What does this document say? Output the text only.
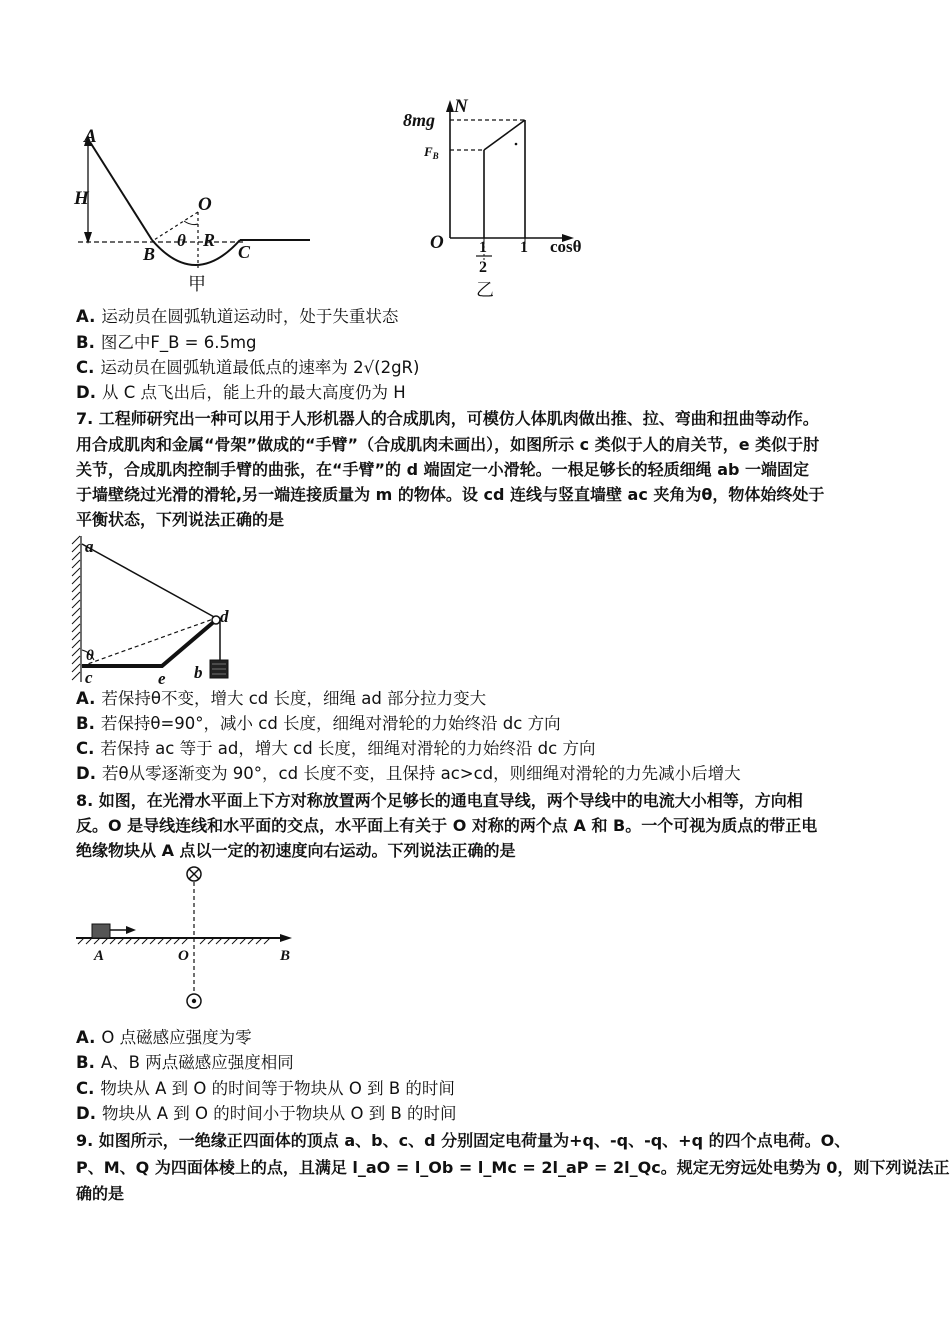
A
H	O
θ R
B	C
甲
N
8mg
$F_B$
O 1
2
1 cosθ
乙
A. 运动员在圆弧轨道运动时，处于失重状态
B. 图乙中F_B = 6.5mg
C. 运动员在圆弧轨道最低点的速率为 2√(2gR)
D. 从 C 点飞出后，能上升的最大高度仍为 H
7. 工程师研究出一种可以用于人形机器人的合成肌肉，可模仿人体肌肉做出推、拉、弯曲和扭曲等动作。
用合成肌肉和金属“骨架”做成的“手臂”（合成肌肉未画出），如图所示 c 类似于人的肩关节，e 类似于肘
关节，合成肌肉控制手臂的曲张，在“手臂”的 d 端固定一小滑轮。一根足够长的轻质细绳 ab 一端固定
于墙壁绕过光滑的滑轮,另一端连接质量为 m 的物体。设 cd 连线与竖直墙壁 ac 夹角为θ，物体始终处于
平衡状态，下列说法正确的是
a
d
θ
c	e b
A. 若保持θ不变，增大 cd 长度，细绳 ad 部分拉力变大
B. 若保持θ=90°，减小 cd 长度，细绳对滑轮的力始终沿 dc 方向
C. 若保持 ac 等于 ad，增大 cd 长度，细绳对滑轮的力始终沿 dc 方向
D. 若θ从零逐渐变为 90°，cd 长度不变，且保持 ac>cd，则细绳对滑轮的力先减小后增大
8. 如图，在光滑水平面上下方对称放置两个足够长的通电直导线，两个导线中的电流大小相等，方向相
反。O 是导线连线和水平面的交点，水平面上有关于 O 对称的两个点 A 和 B。一个可视为质点的带正电
绝缘物块从 A 点以一定的初速度向右运动。下列说法正确的是
A	O	B
A. O 点磁感应强度为零
B. A、B 两点磁感应强度相同
C. 物块从 A 到 O 的时间等于物块从 O 到 B 的时间
D. 物块从 A 到 O 的时间小于物块从 O 到 B 的时间
9. 如图所示，一绝缘正四面体的顶点 a、b、c、d 分别固定电荷量为+q、-q、-q、+q 的四个点电荷。O、
P、M、Q 为四面体棱上的点，且满足 l_aO = l_Ob = l_Mc = 2l_aP = 2l_Qc。规定无穷远处电势为 0，则下列说法正
确的是
